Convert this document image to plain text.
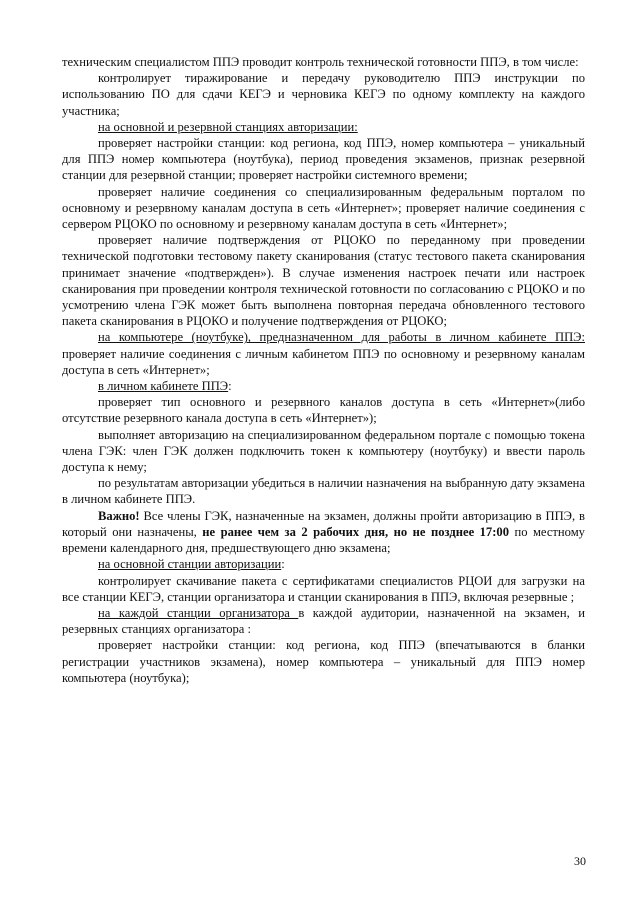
техническим специалистом ППЭ проводит контроль технической готовности ППЭ, в том числе:

контролирует тиражирование и передачу руководителю ППЭ инструкции по использованию ПО для сдачи КЕГЭ и черновика КЕГЭ по одному комплекту на каждого участника;

на основной и резервной станциях авторизации:

проверяет настройки станции: код региона, код ППЭ, номер компьютера – уникальный для ППЭ номер компьютера (ноутбука), период проведения экзаменов, признак резервной станции для резервной станции; проверяет настройки системного времени;

проверяет наличие соединения со специализированным федеральным порталом по основному и резервному каналам доступа в сеть «Интернет»; проверяет наличие соединения с сервером РЦОКО по основному и резервному каналам доступа в сеть «Интернет»;

проверяет наличие подтверждения от РЦОКО по переданному при проведении технической подготовки тестовому пакету сканирования (статус тестового пакета сканирования принимает значение «подтвержден»). В случае изменения настроек печати или настроек сканирования при проведении контроля технической готовности по согласованию с РЦОКО и по усмотрению члена ГЭК может быть выполнена повторная передача обновленного тестового пакета сканирования в РЦОКО и получение подтверждения от РЦОКО;

на компьютере (ноутбуке), предназначенном для работы в личном кабинете ППЭ: проверяет наличие соединения с личным кабинетом ППЭ по основному и резервному каналам доступа в сеть «Интернет»;

в личном кабинете ППЭ:

проверяет тип основного и резервного каналов доступа в сеть «Интернет»(либо отсутствие резервного канала доступа в сеть «Интернет»);

выполняет авторизацию на специализированном федеральном портале с помощью токена члена ГЭК: член ГЭК должен подключить токен к компьютеру (ноутбуку) и ввести пароль доступа к нему;

по результатам авторизации убедиться в наличии назначения на выбранную дату экзамена в личном кабинете ППЭ.

Важно! Все члены ГЭК, назначенные на экзамен, должны пройти авторизацию в ППЭ, в который они назначены, не ранее чем за 2 рабочих дня, но не позднее 17:00 по местному времени календарного дня, предшествующего дню экзамена;

на основной станции авторизации:

контролирует скачивание пакета с сертификатами специалистов РЦОИ для загрузки на все станции КЕГЭ, станции организатора и станции сканирования в ППЭ, включая резервные ;

на каждой станции организатора в каждой аудитории, назначенной на экзамен, и резервных станциях организатора :

проверяет настройки станции: код региона, код ППЭ (впечатываются в бланки регистрации участников экзамена), номер компьютера – уникальный для ППЭ номер компьютера (ноутбука);

30
